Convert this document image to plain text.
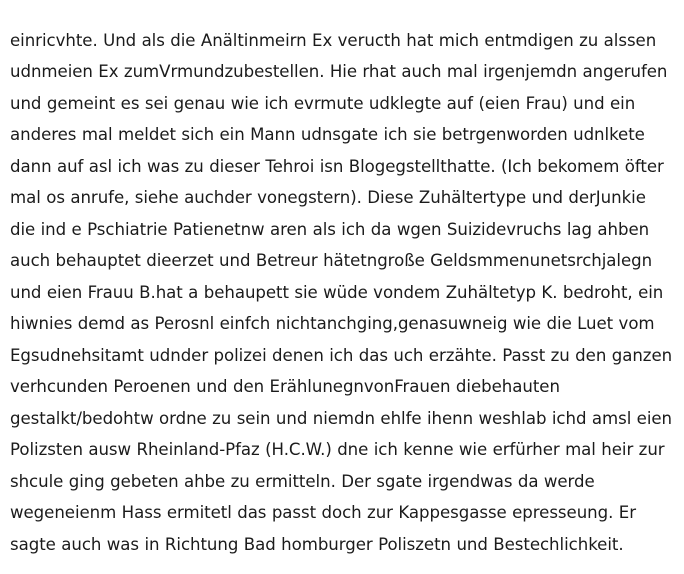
einricvhte. Und als die Anältinmeirn Ex veructh hat mich entmdigen zu alssen udnmeien Ex zumVrmundzubestellen. Hie rhat auch mal irgenjemdn angerufen und gemeint es sei genau wie ich evrmute udklegte auf (eien Frau) und ein anderes mal meldet sich ein Mann udnsgate ich sie betrgenworden udnlkete dann auf asl ich was zu dieser Tehroi isn Blogegstellthatte. (Ich bekomem öfter mal os anrufe, siehe auchder vonegstern). Diese Zuhältertype und derJunkie die ind e Pschiatrie Patienetnw aren als ich da wgen Suizidevruchs lag ahben auch behauptet dieerzet und Betreur hätetngroße Geldsmmenunetsrchjalegn und eien Frauu B.hat a behaupett sie wüde vondem Zuhältetyp K. bedroht, ein hiwnies demd as Perosnl einfch nichtanchging,genasuwneig wie die Luet vom Egsudnehsitamt udnder polizei denen ich das uch erzähte. Passt zu den ganzen verhcunden Peroenen und den ErählunegnvonFrauen diebehauten gestalkt/bedohtw ordne zu sein und niemdn ehlfe ihenn weshlab ichd amsl eien Polizsten ausw Rheinland-Pfaz (H.C.W.) dne ich kenne wie erfürher mal heir zur shcule ging gebeten ahbe zu ermitteln. Der sgate irgendwas da werde wegeneienm Hass ermitetl das passt doch zur Kappesgasse epresseung. Er sagte auch was in Richtung Bad homburger Poliszetn und Bestechlichkeit.
